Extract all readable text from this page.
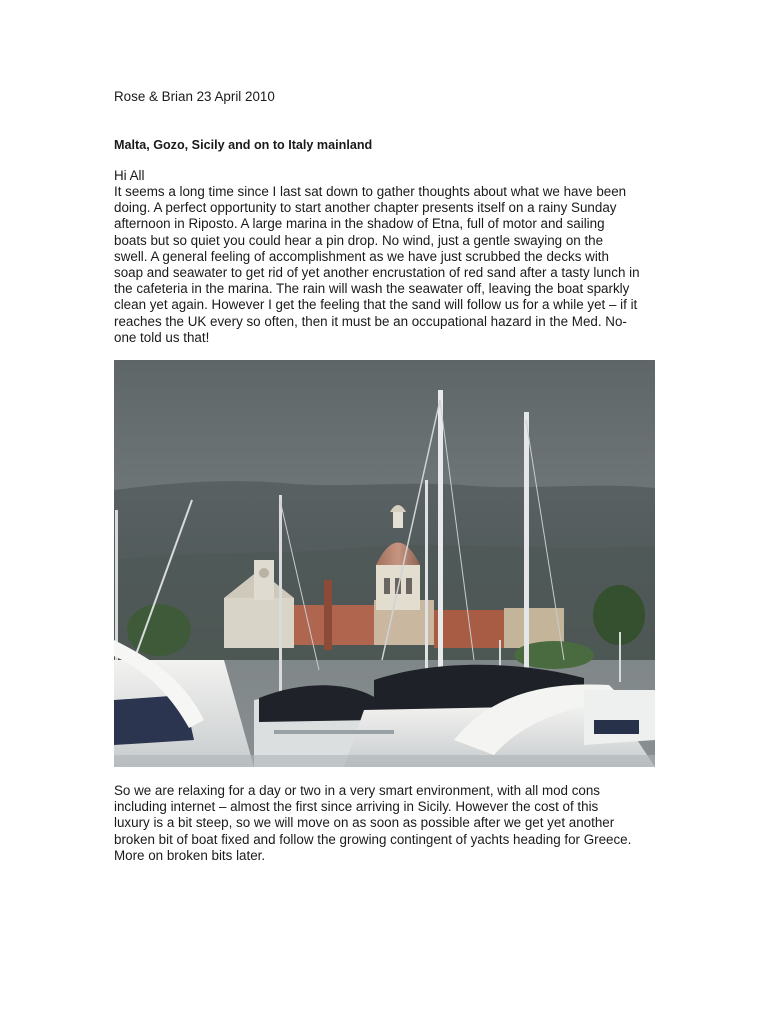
Rose & Brian 23 April 2010
Malta, Gozo, Sicily and on to Italy mainland
Hi All
It seems a long time since I last sat down to gather thoughts about what we have been
doing. A perfect opportunity to start another chapter presents itself on a rainy Sunday
afternoon in Riposto. A large marina in the shadow of Etna, full of motor and sailing
boats but so quiet you could hear a pin drop. No wind, just a gentle swaying on the
swell. A general feeling of accomplishment as we have just scrubbed the decks with
soap and seawater to get rid of yet another encrustation of red sand after a tasty lunch in
the cafeteria in the marina. The rain will wash the seawater off, leaving the boat sparkly
clean yet again. However I get the feeling that the sand will follow us for a while yet – if it
reaches the UK every so often, then it must be an occupational hazard in the Med. No-
one told us that!
So we are relaxing for a day or two in a very smart environment, with all mod cons
including internet – almost the first since arriving in Sicily. However the cost of this
luxury is a bit steep, so we will move on as soon as possible after we get yet another
broken bit of boat fixed and follow the growing contingent of yachts heading for Greece.
More on broken bits later.
